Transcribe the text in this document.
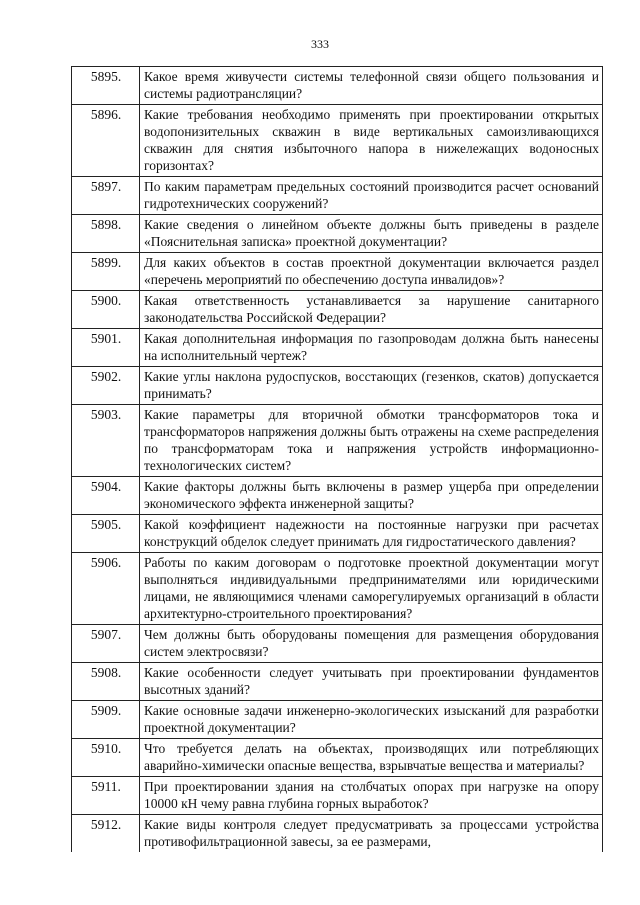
333
5895.	Какое время живучести системы телефонной связи общего пользования и системы радиотрансляции?
5896.	Какие требования необходимо применять при проектировании открытых водопонизительных скважин в виде вертикальных самоизливающихся скважин для снятия избыточного напора в нижележащих водоносных горизонтах?
5897.	По каким параметрам предельных состояний производится расчет оснований гидротехнических сооружений?
5898.	Какие сведения о линейном объекте должны быть приведены в разделе «Пояснительная записка» проектной документации?
5899.	Для каких объектов в состав проектной документации включается раздел «перечень мероприятий по обеспечению доступа инвалидов»?
5900.	Какая ответственность устанавливается за нарушение санитарного законодательства Российской Федерации?
5901.	Какая дополнительная информация по газопроводам должна быть нанесены на исполнительный чертеж?
5902.	Какие углы наклона рудоспусков, восстающих (гезенков, скатов) допускается принимать?
5903.	Какие параметры для вторичной обмотки трансформаторов тока и трансформаторов напряжения должны быть отражены на схеме распределения по трансформаторам тока и напряжения устройств информационно-технологических систем?
5904.	Какие факторы должны быть включены в размер ущерба при определении экономического эффекта инженерной защиты?
5905.	Какой коэффициент надежности на постоянные нагрузки при расчетах конструкций обделок следует принимать для гидростатического давления?
5906.	Работы по каким договорам о подготовке проектной документации могут выполняться индивидуальными предпринимателями или юридическими лицами, не являющимися членами саморегулируемых организаций в области архитектурно-строительного проектирования?
5907.	Чем должны быть оборудованы помещения для размещения оборудования систем электросвязи?
5908.	Какие особенности следует учитывать при проектировании фундаментов высотных зданий?
5909.	Какие основные задачи инженерно-экологических изысканий для разработки проектной документации?
5910.	Что требуется делать на объектах, производящих или потребляющих аварийно-химически опасные вещества, взрывчатые вещества и материалы?
5911.	При проектировании здания на столбчатых опорах при нагрузке на опору 10000 кН чему равна глубина горных выработок?
5912.	Какие виды контроля следует предусматривать за процессами устройства противофильтрационной завесы, за ее размерами,
